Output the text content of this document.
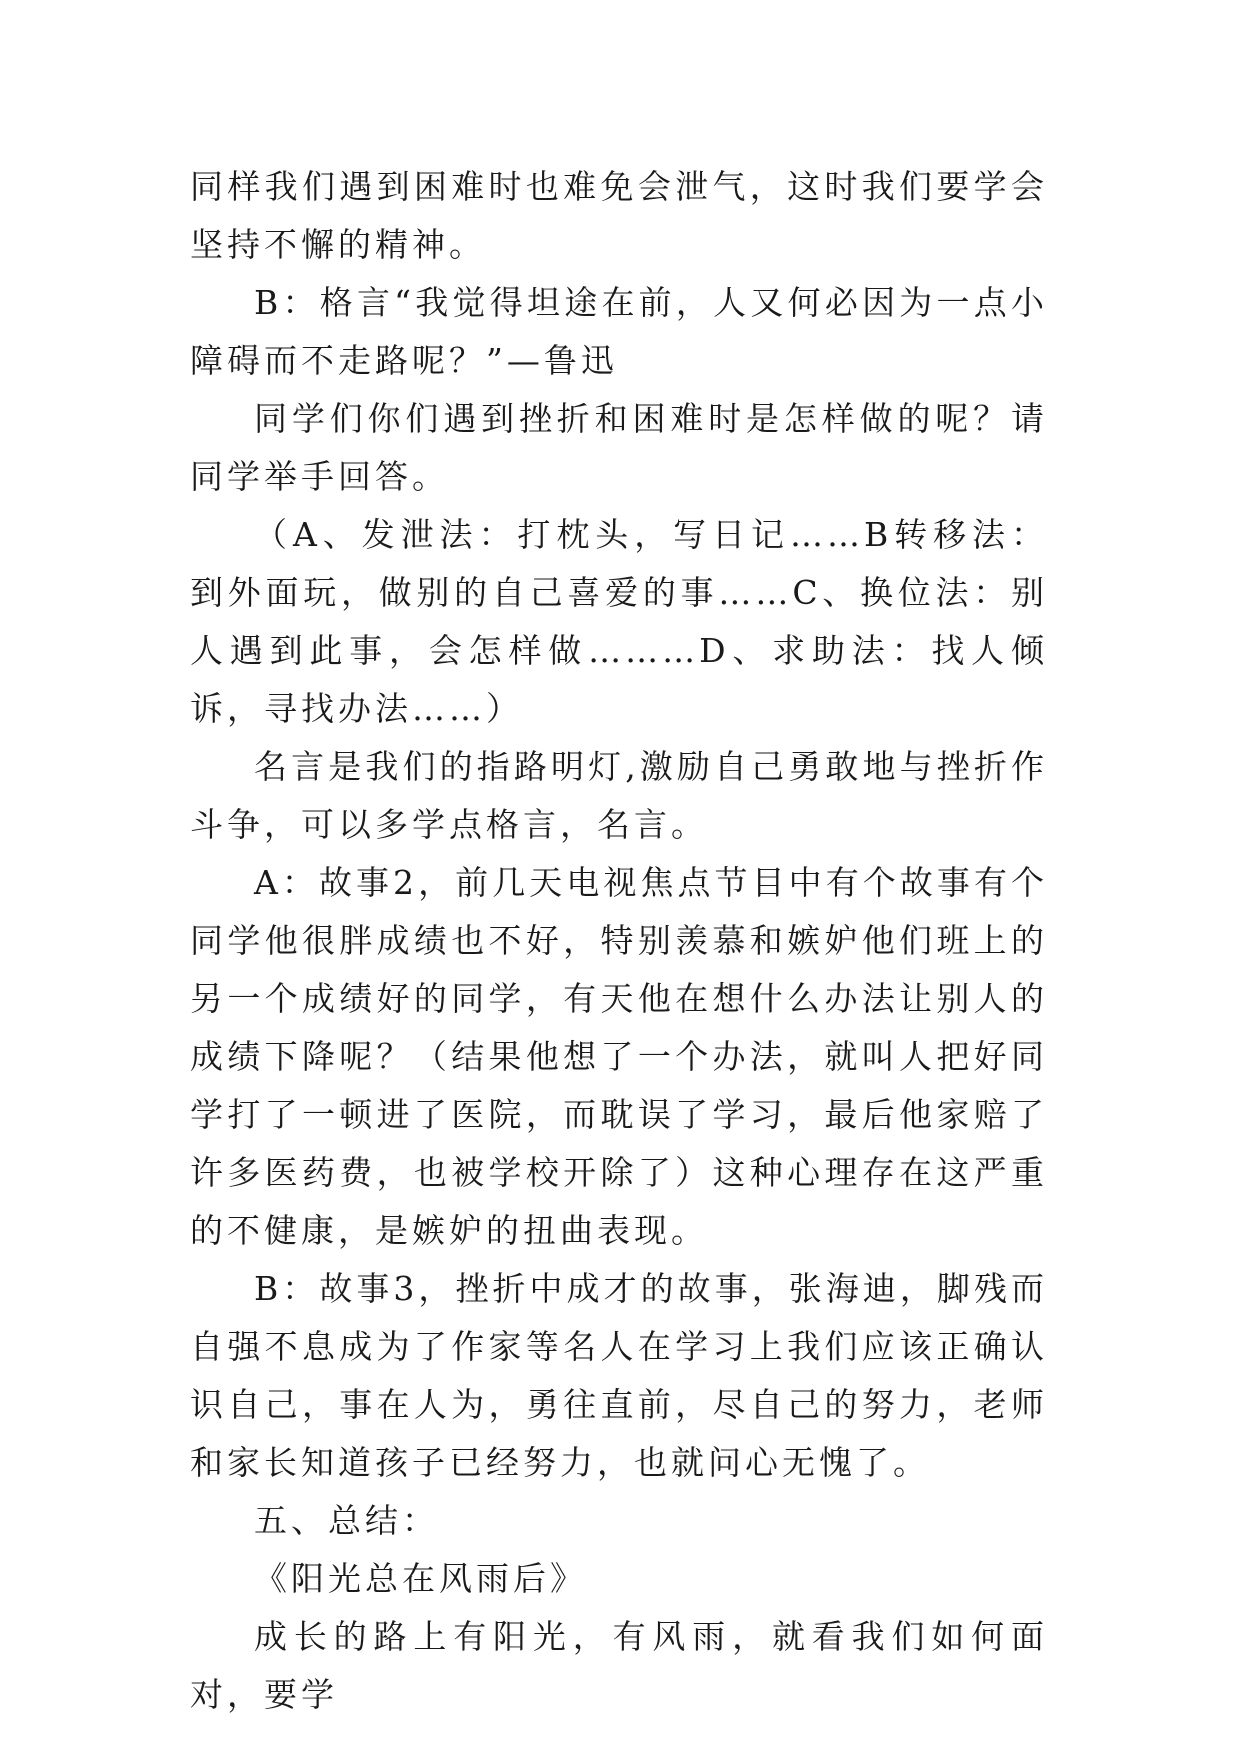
同样我们遇到困难时也难免会泄气，这时我们要学会坚持不懈的精神。

B：格言“我觉得坦途在前，人又何必因为一点小障碍而不走路呢？”—鲁迅

同学们你们遇到挫折和困难时是怎样做的呢？请同学举手回答。

（A、发泄法：打枕头，写日记……B转移法：到外面玩，做别的自己喜爱的事……C、换位法：别人遇到此事，会怎样做………D、求助法：找人倾诉，寻找办法……）

名言是我们的指路明灯,激励自己勇敢地与挫折作斗争，可以多学点格言，名言。

A：故事2，前几天电视焦点节目中有个故事有个同学他很胖成绩也不好，特别羡慕和嫉妒他们班上的另一个成绩好的同学，有天他在想什么办法让别人的成绩下降呢？（结果他想了一个办法，就叫人把好同学打了一顿进了医院，而耽误了学习，最后他家赔了许多医药费，也被学校开除了）这种心理存在这严重的不健康，是嫉妒的扭曲表现。

B：故事3，挫折中成才的故事，张海迪，脚残而自强不息成为了作家等名人在学习上我们应该正确认识自己，事在人为，勇往直前，尽自己的努力，老师和家长知道孩子已经努力，也就问心无愧了。

五、总结：

《阳光总在风雨后》

成长的路上有阳光，有风雨，就看我们如何面对，要学
